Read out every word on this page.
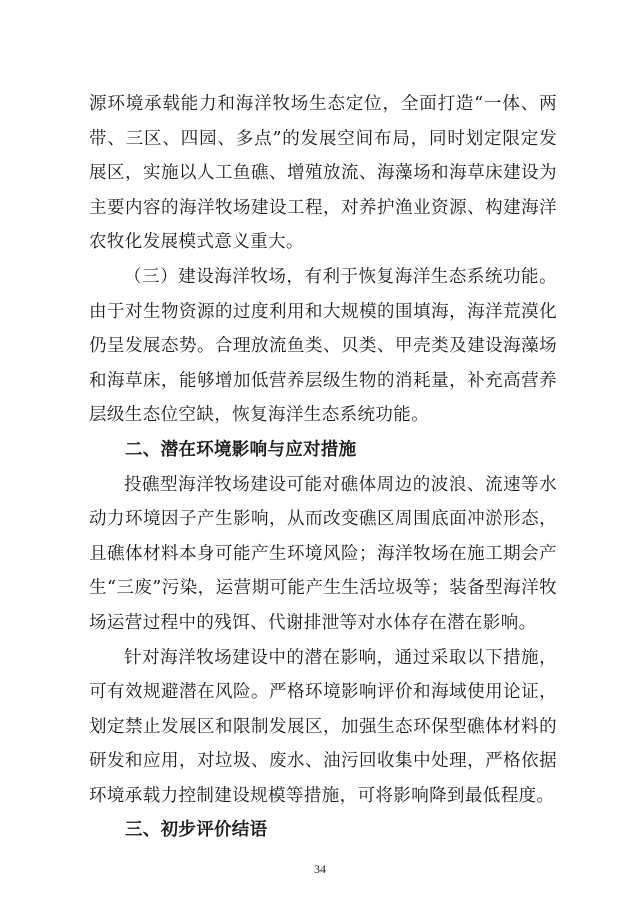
源环境承载能力和海洋牧场生态定位，全面打造“一体、两带、三区、四园、多点”的发展空间布局，同时划定限定发展区，实施以人工鱼礁、增殖放流、海藻场和海草床建设为主要内容的海洋牧场建设工程，对养护渔业资源、构建海洋农牧化发展模式意义重大。

（三）建设海洋牧场，有利于恢复海洋生态系统功能。由于对生物资源的过度利用和大规模的围填海，海洋荒漠化仍呈发展态势。合理放流鱼类、贝类、甲壳类及建设海藻场和海草床，能够增加低营养层级生物的消耗量，补充高营养层级生态位空缺，恢复海洋生态系统功能。

二、潜在环境影响与应对措施

投礁型海洋牧场建设可能对礁体周边的波浪、流速等水动力环境因子产生影响，从而改变礁区周围底面冲淤形态，且礁体材料本身可能产生环境风险；海洋牧场在施工期会产生“三废”污染，运营期可能产生生活垃圾等；装备型海洋牧场运营过程中的残饵、代谢排泄等对水体存在潜在影响。

针对海洋牧场建设中的潜在影响，通过采取以下措施，可有效规避潜在风险。严格环境影响评价和海域使用论证，划定禁止发展区和限制发展区，加强生态环保型礁体材料的研发和应用，对垃圾、废水、油污回收集中处理，严格依据环境承载力控制建设规模等措施，可将影响降到最低程度。

三、初步评价结语
34
